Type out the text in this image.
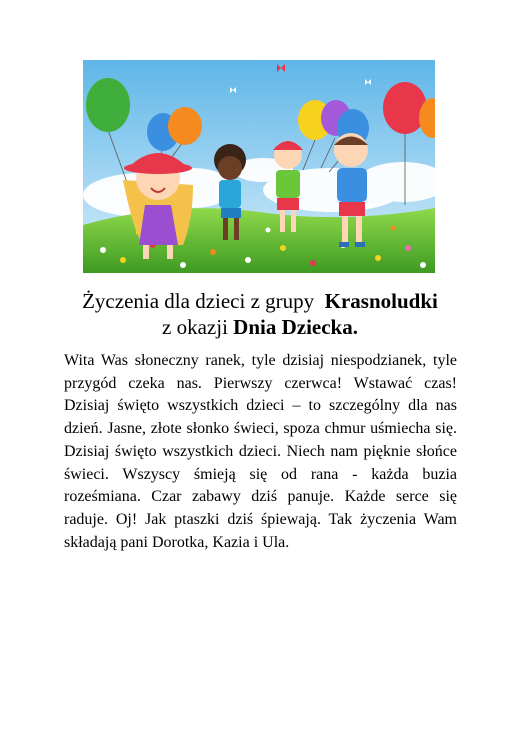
Życzenia dla dzieci z grupy Krasnoludki
z okazji Dnia Dziecka.
Wita Was słoneczny ranek, tyle dzisiaj niespodzianek, tyle przygód czeka nas. Pierwszy czerwca! Wstawać czas! Dzisiaj święto wszystkich dzieci – to szczególny dla nas dzień. Jasne, złote słonko świeci, spoza chmur uśmiecha się. Dzisiaj święto wszystkich dzieci. Niech nam pięknie słońce świeci. Wszyscy śmieją się od rana - każda buzia roześmiana. Czar zabawy dziś panuje. Każde serce się raduje. Oj! Jak ptaszki dziś śpiewają. Tak życzenia Wam składają pani Dorotka, Kazia i Ula.
